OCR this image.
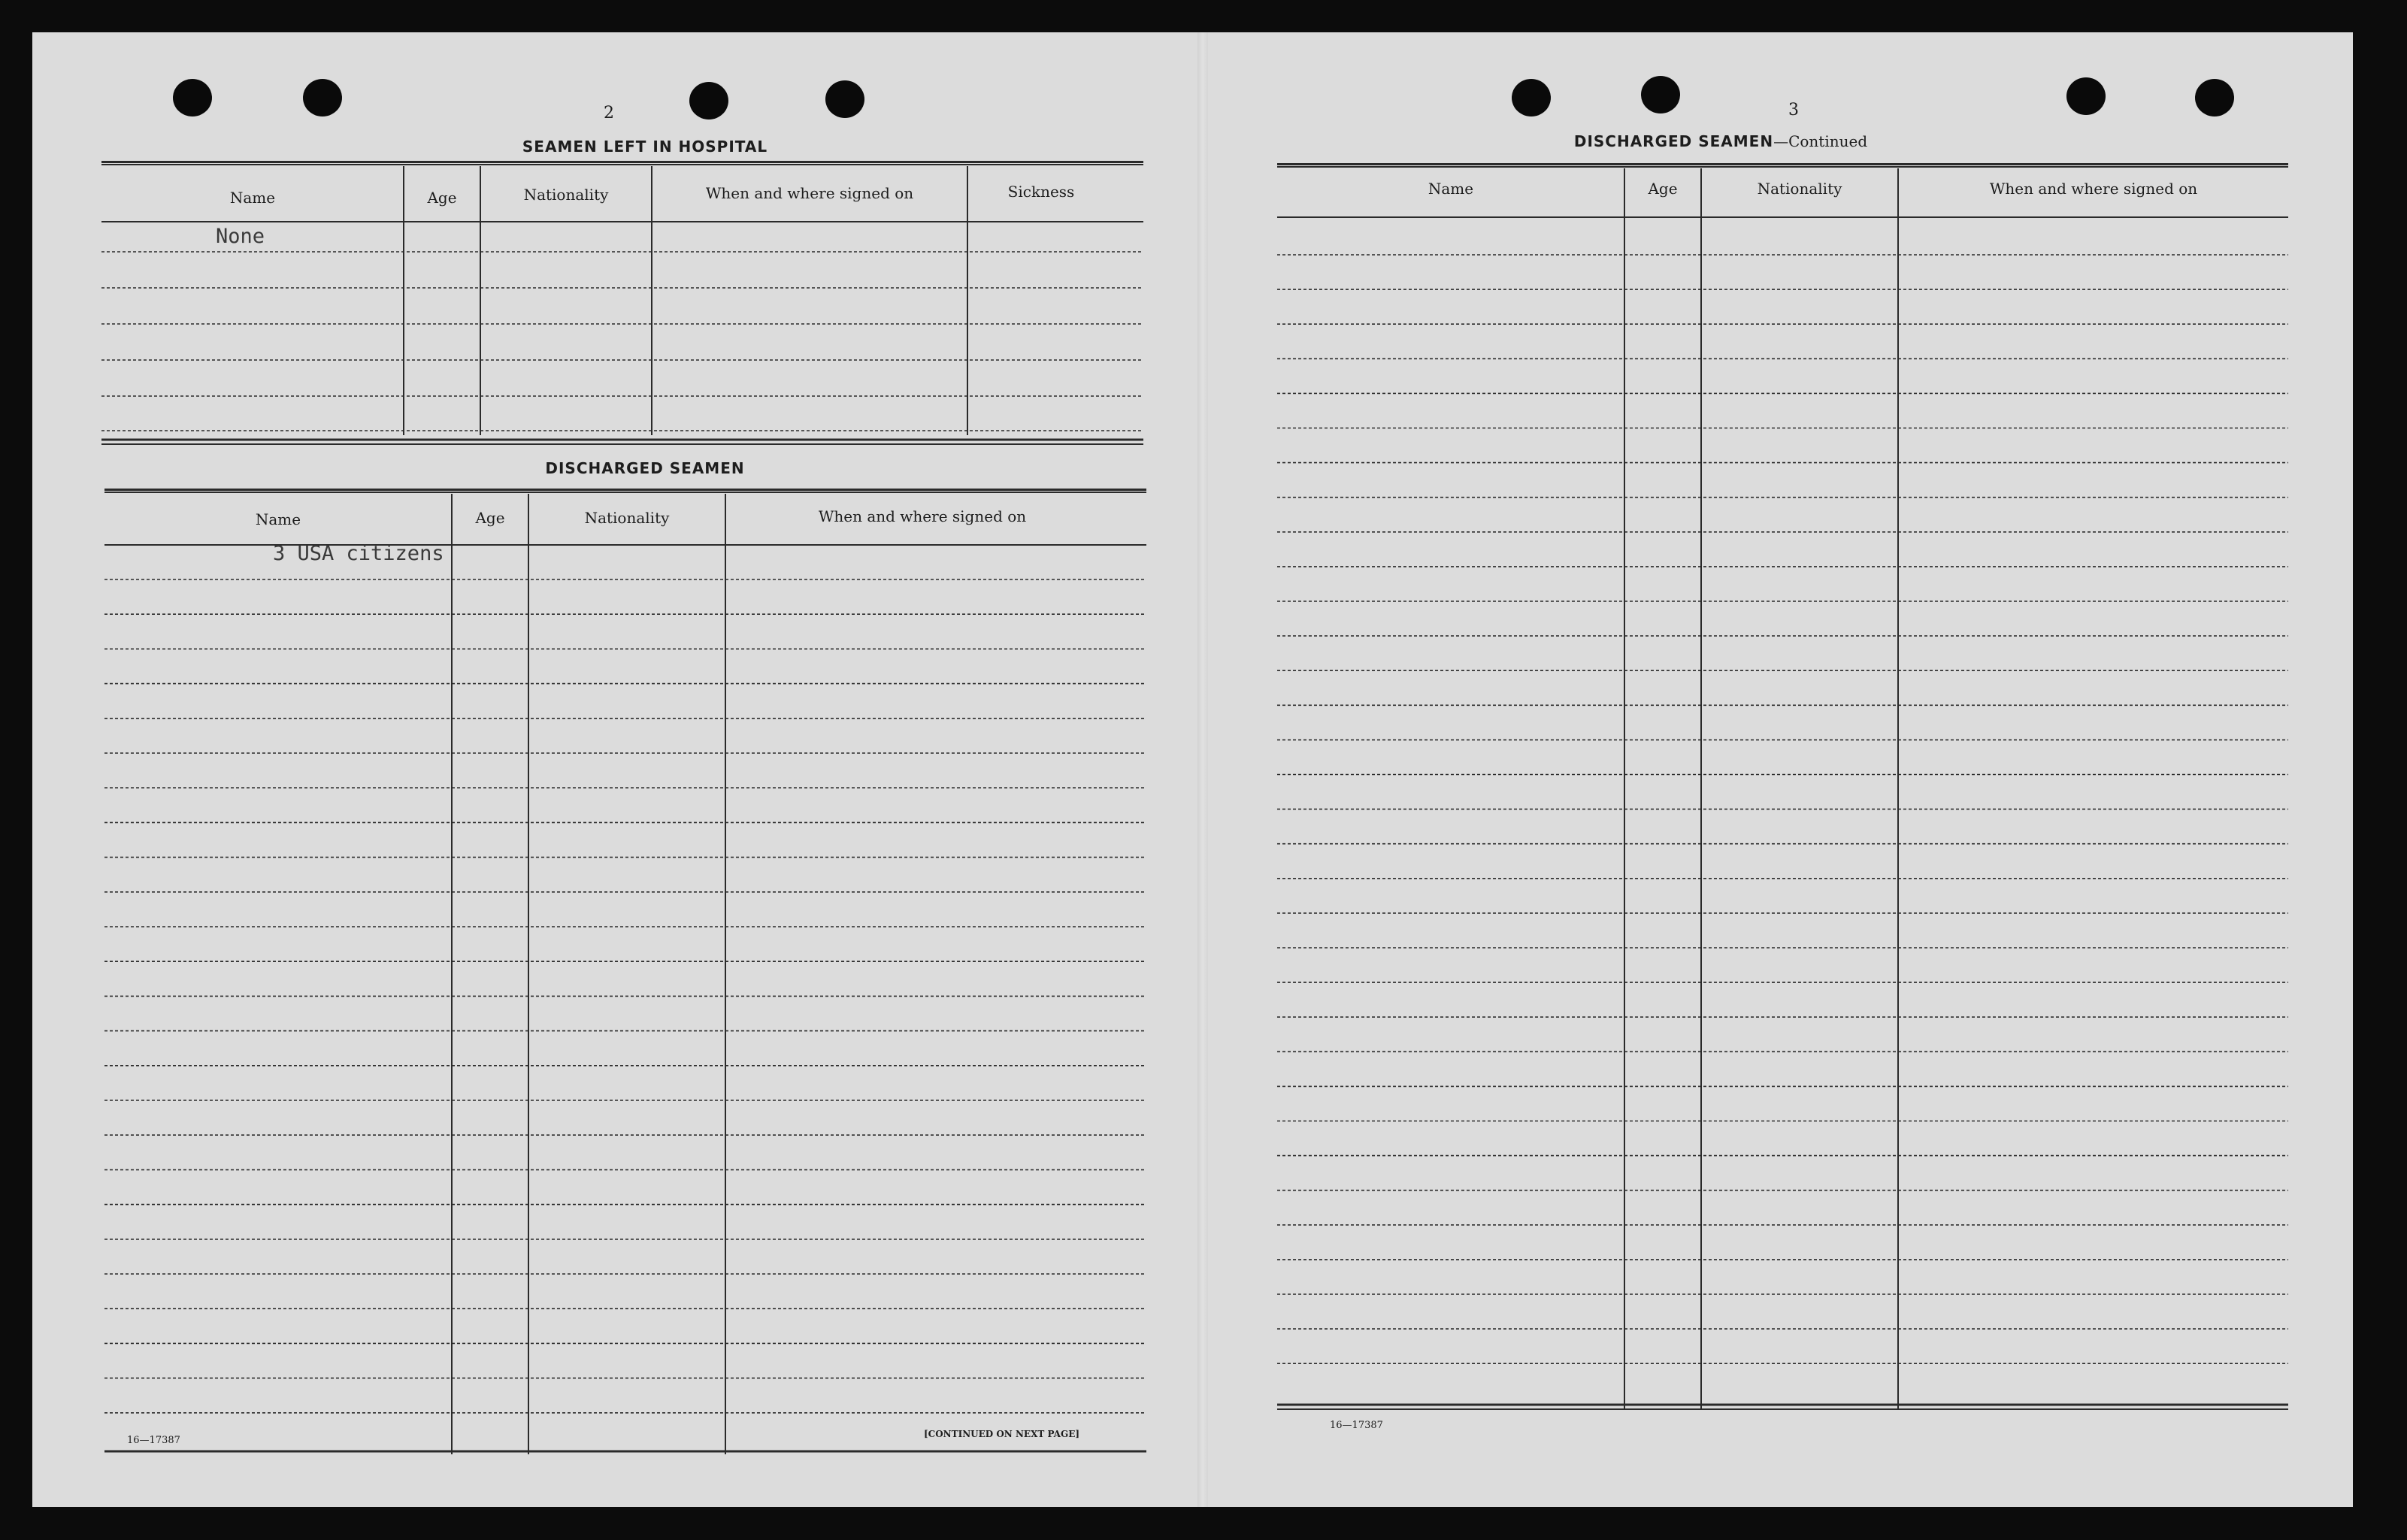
2
SEAMEN LEFT IN HOSPITAL
Name	Age	Nationality	When and where signed on	Sickness
None
DISCHARGED SEAMEN
Name	Age	Nationality	When and where signed on
3 USA citizens
16—17387
[CONTINUED ON NEXT PAGE]
3
DISCHARGED SEAMEN—Continued
Name	Age	Nationality	When and where signed on
16—17387
